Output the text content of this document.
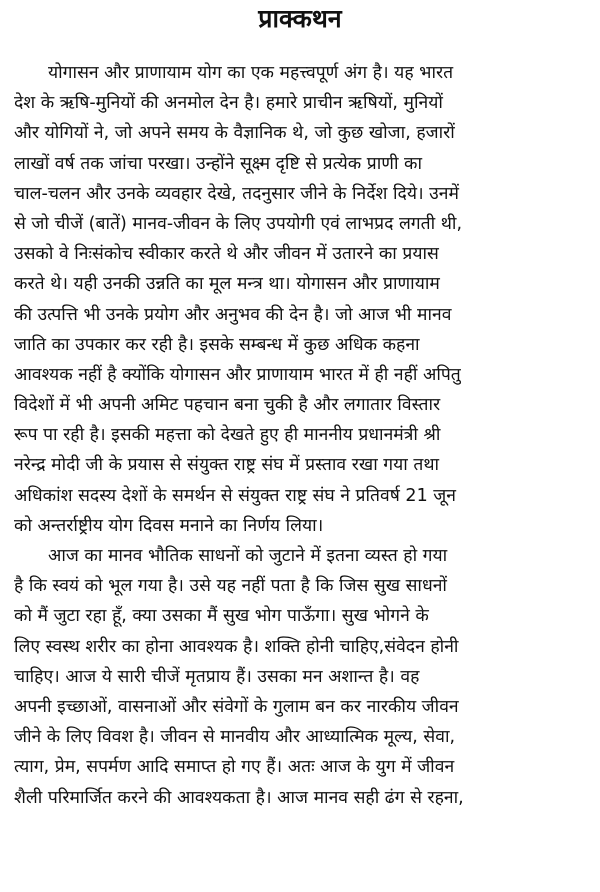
प्राक्कथन
योगासन और प्राणायाम योग का एक महत्त्वपूर्ण अंग है। यह भारत
देश के ऋषि-मुनियों की अनमोल देन है। हमारे प्राचीन ऋषियों, मुनियों
और योगियों ने, जो अपने समय के वैज्ञानिक थे, जो कुछ खोजा, हजारों
लाखों वर्ष तक जांचा परखा। उन्होंने सूक्ष्म दृष्टि से प्रत्येक प्राणी का
चाल-चलन और उनके व्यवहार देखे, तदनुसार जीने के निर्देश दिये। उनमें
से जो चीजें (बातें) मानव-जीवन के लिए उपयोगी एवं लाभप्रद लगती थी,
उसको वे निःसंकोच स्वीकार करते थे और जीवन में उतारने का प्रयास
करते थे। यही उनकी उन्नति का मूल मन्त्र था। योगासन और प्राणायाम
की उत्पत्ति भी उनके प्रयोग और अनुभव की देन है। जो आज भी मानव
जाति का उपकार कर रही है। इसके सम्बन्ध में कुछ अधिक कहना
आवश्यक नहीं है क्योंकि योगासन और प्राणायाम भारत में ही नहीं अपितु
विदेशों में भी अपनी अमिट पहचान बना चुकी है और लगातार विस्तार
रूप पा रही है। इसकी महत्ता को देखते हुए ही माननीय प्रधानमंत्री श्री
नरेन्द्र मोदी जी के प्रयास से संयुक्त राष्ट्र संघ में प्रस्ताव रखा गया तथा
अधिकांश सदस्य देशों के समर्थन से संयुक्त राष्ट्र संघ ने प्रतिवर्ष 21 जून
को अन्तर्राष्ट्रीय योग दिवस मनाने का निर्णय लिया।
आज का मानव भौतिक साधनों को जुटाने में इतना व्यस्त हो गया
है कि स्वयं को भूल गया है। उसे यह नहीं पता है कि जिस सुख साधनों
को मैं जुटा रहा हूँ, क्या उसका मैं सुख भोग पाऊँगा। सुख भोगने के
लिए स्वस्थ शरीर का होना आवश्यक है। शक्ति होनी चाहिए,संवेदन होनी
चाहिए। आज ये सारी चीजें मृतप्राय हैं। उसका मन अशान्त है। वह
अपनी इच्छाओं, वासनाओं और संवेगों के गुलाम बन कर नारकीय जीवन
जीने के लिए विवश है। जीवन से मानवीय और आध्यात्मिक मूल्य, सेवा,
त्याग, प्रेम, सपर्मण आदि समाप्त हो गए हैं। अतः आज के युग में जीवन
शैली परिमार्जित करने की आवश्यकता है। आज मानव सही ढंग से रहना,
